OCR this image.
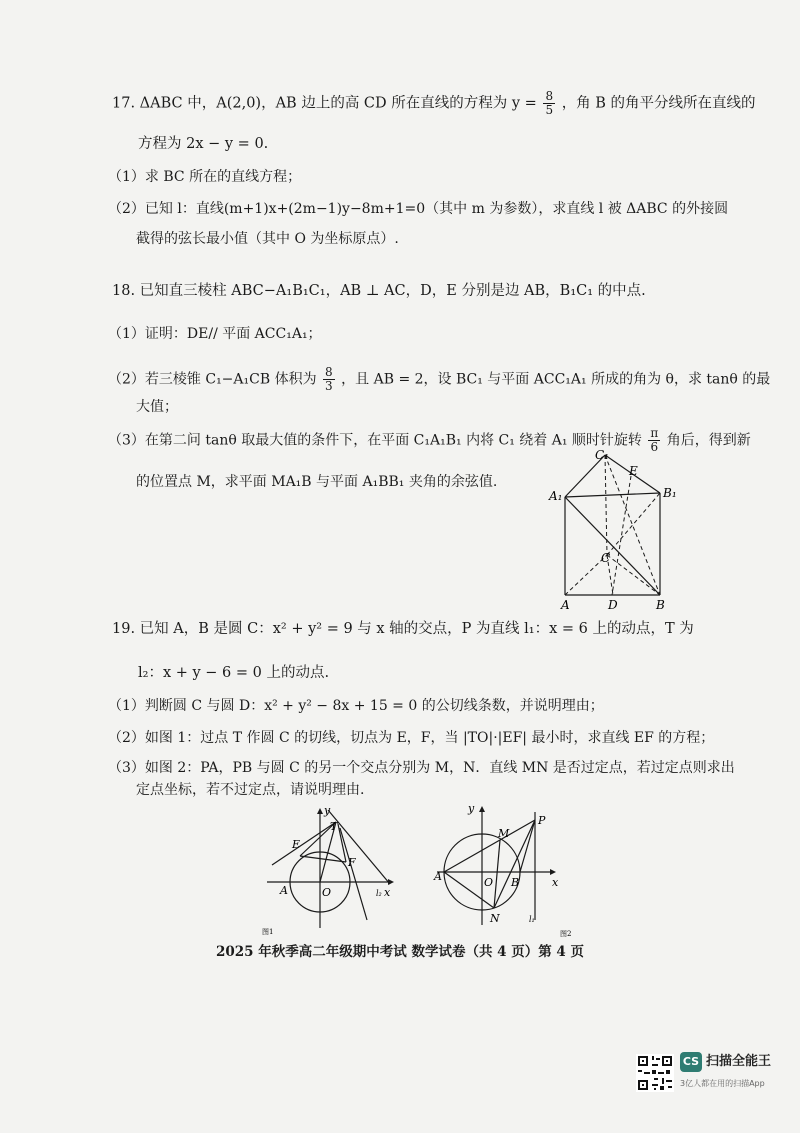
17. ΔABC 中，A(2,0)，AB 边上的高 CD 所在直线的方程为 $y = \frac{8}{5}$ ，角 B 的角平分线所在直线的
方程为 2x − y = 0.
（1）求 BC 所在的直线方程；
（2）已知 l：直线(m+1)x+(2m−1)y−8m+1=0（其中 m 为参数），求直线 l 被 ΔABC 的外接圆
截得的弦长最小值（其中 O 为坐标原点）.
18. 已知直三棱柱 ABC−A₁B₁C₁，AB ⊥ AC，D，E 分别是边 AB，B₁C₁ 的中点.
（1）证明：DE// 平面 ACC₁A₁；
（2）若三棱锥 C₁−A₁CB 体积为 $\frac{8}{3}$ ，且 AB = 2，设 BC₁ 与平面 ACC₁A₁ 所成的角为 θ，求 tanθ 的最
大值；
（3）在第二问 tanθ 取最大值的条件下，在平面 C₁A₁B₁ 内将 C₁ 绕着 A₁ 顺时针旋转 $\frac{\pi}{6}$ 角后，得到新
的位置点 M，求平面 MA₁B 与平面 A₁BB₁ 夹角的余弦值.
C₁
E
A₁	B₁
C
A	D	B
19. 已知 A，B 是圆 C：x² + y² = 9 与 x 轴的交点，P 为直线 l₁：x = 6 上的动点，T 为
l₂：x + y − 6 = 0 上的动点.
（1）判断圆 C 与圆 D：x² + y² − 8x + 15 = 0 的公切线条数，并说明理由；
（2）如图 1：过点 T 作圆 C 的切线，切点为 E，F，当 |TO|·|EF| 最小时，求直线 EF 的方程；
（3）如图 2：PA，PB 与圆 C 的另一个交点分别为 M，N．直线 MN 是否过定点，若过定点则求出
定点坐标，若不过定点，请说明理由.
y
T
E
F
A	O	x
l₂
图1
y
M
P
A	O B	x
N	l₁
图2
2025 年秋季高二年级期中考试 数学试卷（共 4 页）第 4 页
CS 扫描全能王
3亿人都在用的扫描App
